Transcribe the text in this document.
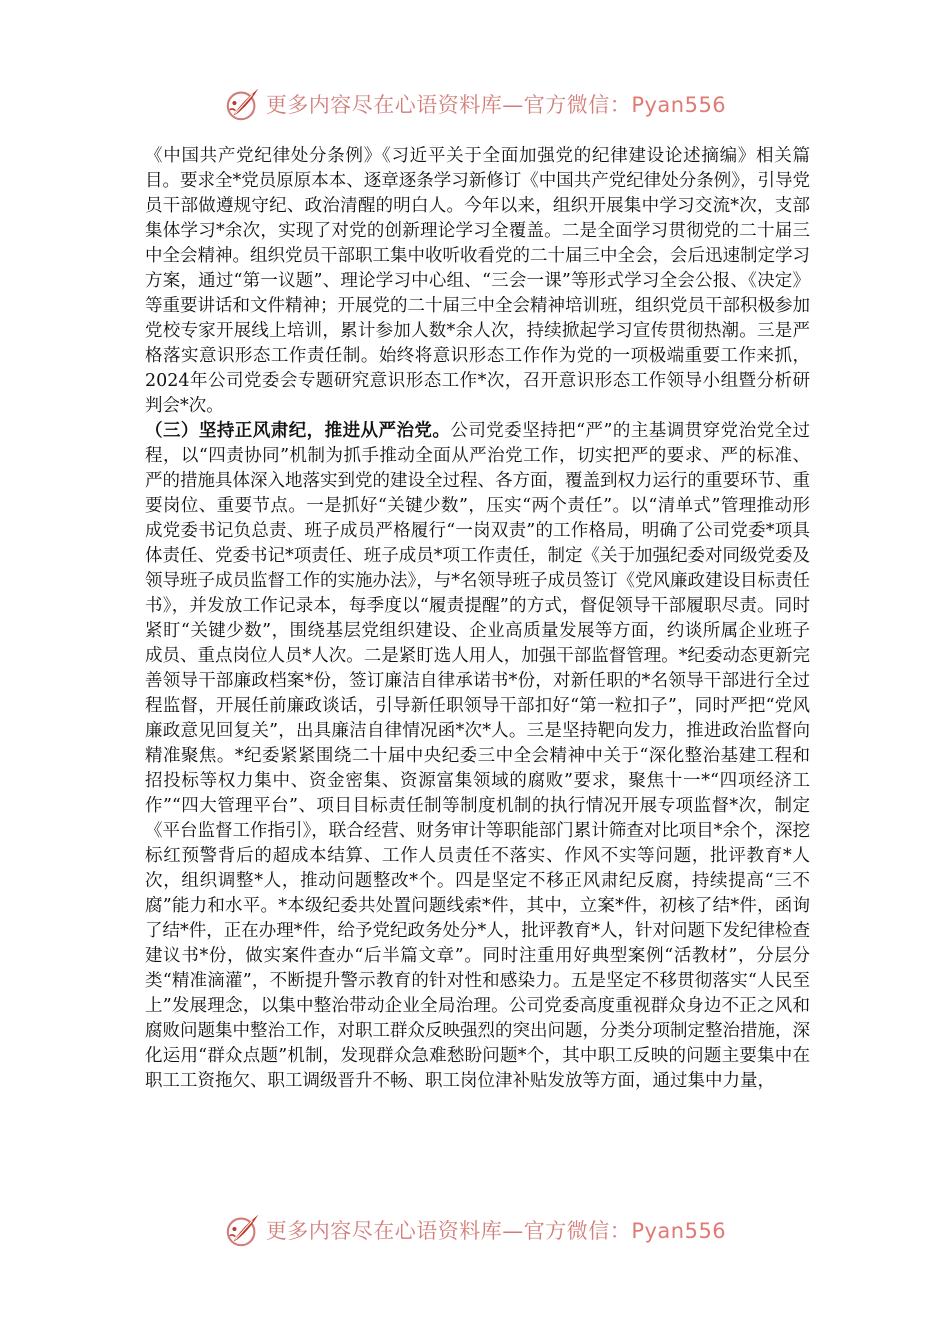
更多内容尽在心语资料库—官方微信：Pyan556

《中国共产党纪律处分条例》《习近平关于全面加强党的纪律建设论述摘编》相关篇目。要求全*党员原原本本、逐章逐条学习新修订《中国共产党纪律处分条例》，引导党员干部做遵规守纪、政治清醒的明白人。今年以来，组织开展集中学习交流*次，支部集体学习*余次，实现了对党的创新理论学习全覆盖。二是全面学习贯彻党的二十届三中全会精神。组织党员干部职工集中收听收看党的二十届三中全会，会后迅速制定学习方案，通过“第一议题”、理论学习中心组、“三会一课”等形式学习全会公报、《决定》等重要讲话和文件精神；开展党的二十届三中全会精神培训班，组织党员干部积极参加党校专家开展线上培训，累计参加人数*余人次，持续掀起学习宣传贯彻热潮。三是严格落实意识形态工作责任制。始终将意识形态工作作为党的一项极端重要工作来抓，2024年公司党委会专题研究意识形态工作*次，召开意识形态工作领导小组暨分析研判会*次。

（三）坚持正风肃纪，推进从严治党。公司党委坚持把“严”的主基调贯穿党治党全过程，以“四责协同”机制为抓手推动全面从严治党工作，切实把严的要求、严的标准、严的措施具体深入地落实到党的建设全过程、各方面，覆盖到权力运行的重要环节、重要岗位、重要节点。一是抓好“关键少数”，压实“两个责任”。以“清单式”管理推动形成党委书记负总责、班子成员严格履行“一岗双责”的工作格局，明确了公司党委*项具体责任、党委书记*项责任、班子成员*项工作责任，制定《关于加强纪委对同级党委及领导班子成员监督工作的实施办法》，与*名领导班子成员签订《党风廉政建设目标责任书》，并发放工作记录本，每季度以“履责提醒”的方式，督促领导干部履职尽责。同时紧盯“关键少数”，围绕基层党组织建设、企业高质量发展等方面，约谈所属企业班子成员、重点岗位人员*人次。二是紧盯选人用人，加强干部监督管理。*纪委动态更新完善领导干部廉政档案*份，签订廉洁自律承诺书*份，对新任职的*名领导干部进行全过程监督，开展任前廉政谈话，引导新任职领导干部扣好“第一粒扣子”，同时严把“党风廉政意见回复关”，出具廉洁自律情况函*次*人。三是坚持靶向发力，推进政治监督向精准聚焦。*纪委紧紧围绕二十届中央纪委三中全会精神中关于“深化整治基建工程和招投标等权力集中、资金密集、资源富集领域的腐败”要求，聚焦十一*“四项经济工作”“四大管理平台”、项目目标责任制等制度机制的执行情况开展专项监督*次，制定《平台监督工作指引》，联合经营、财务审计等职能部门累计筛查对比项目*余个，深挖标红预警背后的超成本结算、工作人员责任不落实、作风不实等问题，批评教育*人次，组织调整*人，推动问题整改*个。四是坚定不移正风肃纪反腐，持续提高“三不腐”能力和水平。*本级纪委共处置问题线索*件，其中，立案*件，初核了结*件，函询了结*件，正在办理*件，给予党纪政务处分*人，批评教育*人，针对问题下发纪律检查建议书*份，做实案件查办“后半篇文章”。同时注重用好典型案例“活教材”，分层分类“精准滴灌”，不断提升警示教育的针对性和感染力。五是坚定不移贯彻落实“人民至上”发展理念，以集中整治带动企业全局治理。公司党委高度重视群众身边不正之风和腐败问题集中整治工作，对职工群众反映强烈的突出问题，分类分项制定整治措施，深化运用“群众点题”机制，发现群众急难愁盼问题*个，其中职工反映的问题主要集中在职工工资拖欠、职工调级晋升不畅、职工岗位津补贴发放等方面，通过集中力量，

更多内容尽在心语资料库—官方微信：Pyan556
